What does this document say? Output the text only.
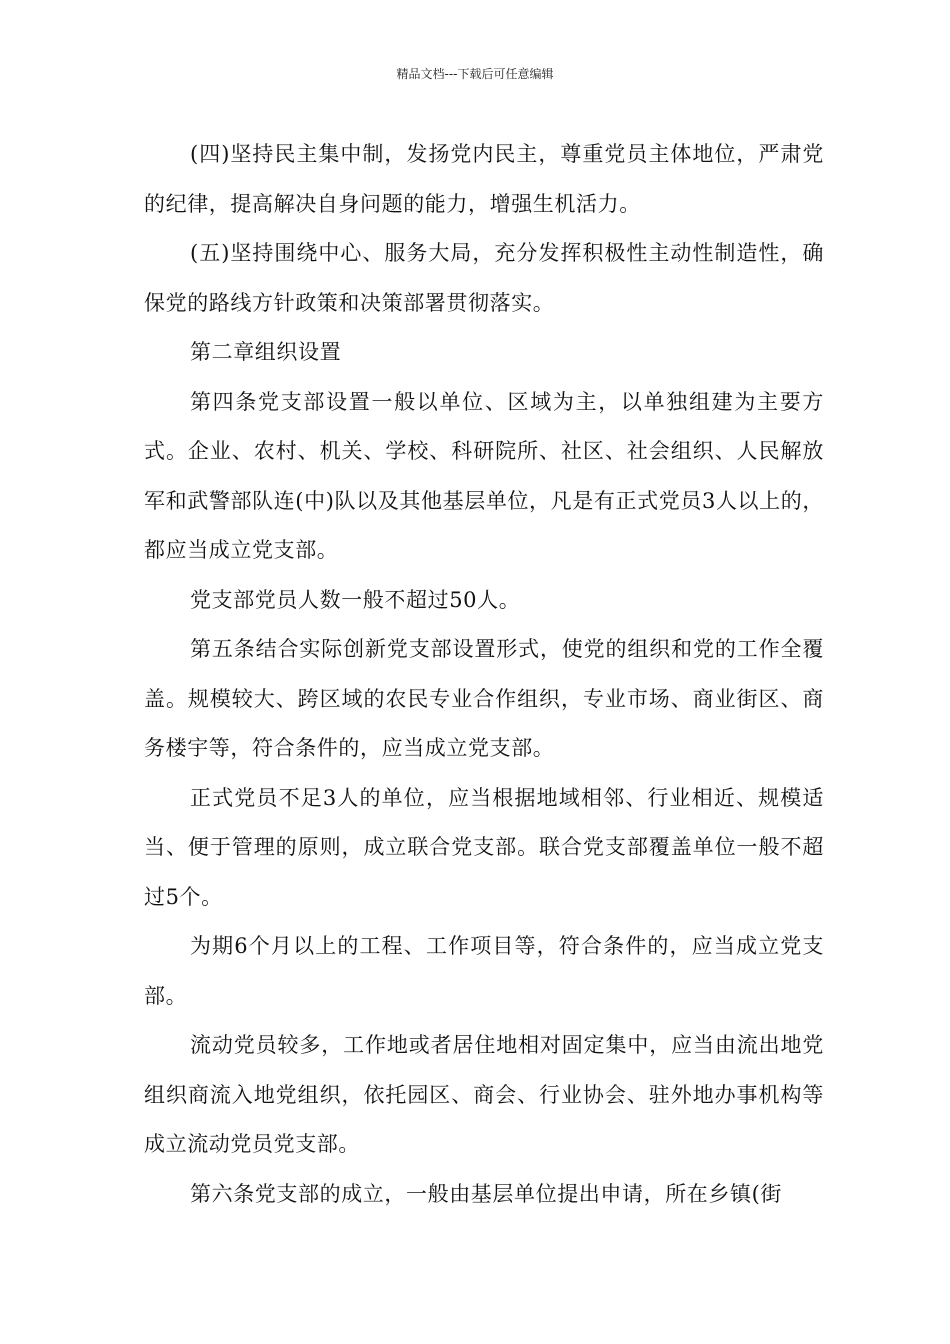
精品文档---下载后可任意编辑

(四)坚持民主集中制，发扬党内民主，尊重党员主体地位，严肃党的纪律，提高解决自身问题的能力，增强生机活力。

(五)坚持围绕中心、服务大局，充分发挥积极性主动性制造性，确保党的路线方针政策和决策部署贯彻落实。

第二章组织设置

第四条党支部设置一般以单位、区域为主，以单独组建为主要方式。企业、农村、机关、学校、科研院所、社区、社会组织、人民解放军和武警部队连(中)队以及其他基层单位，凡是有正式党员3人以上的，都应当成立党支部。

党支部党员人数一般不超过50人。

第五条结合实际创新党支部设置形式，使党的组织和党的工作全覆盖。规模较大、跨区域的农民专业合作组织，专业市场、商业街区、商务楼宇等，符合条件的，应当成立党支部。

正式党员不足3人的单位，应当根据地域相邻、行业相近、规模适当、便于管理的原则，成立联合党支部。联合党支部覆盖单位一般不超过5个。

为期6个月以上的工程、工作项目等，符合条件的，应当成立党支部。

流动党员较多，工作地或者居住地相对固定集中，应当由流出地党组织商流入地党组织，依托园区、商会、行业协会、驻外地办事机构等成立流动党员党支部。

第六条党支部的成立，一般由基层单位提出申请，所在乡镇(街
